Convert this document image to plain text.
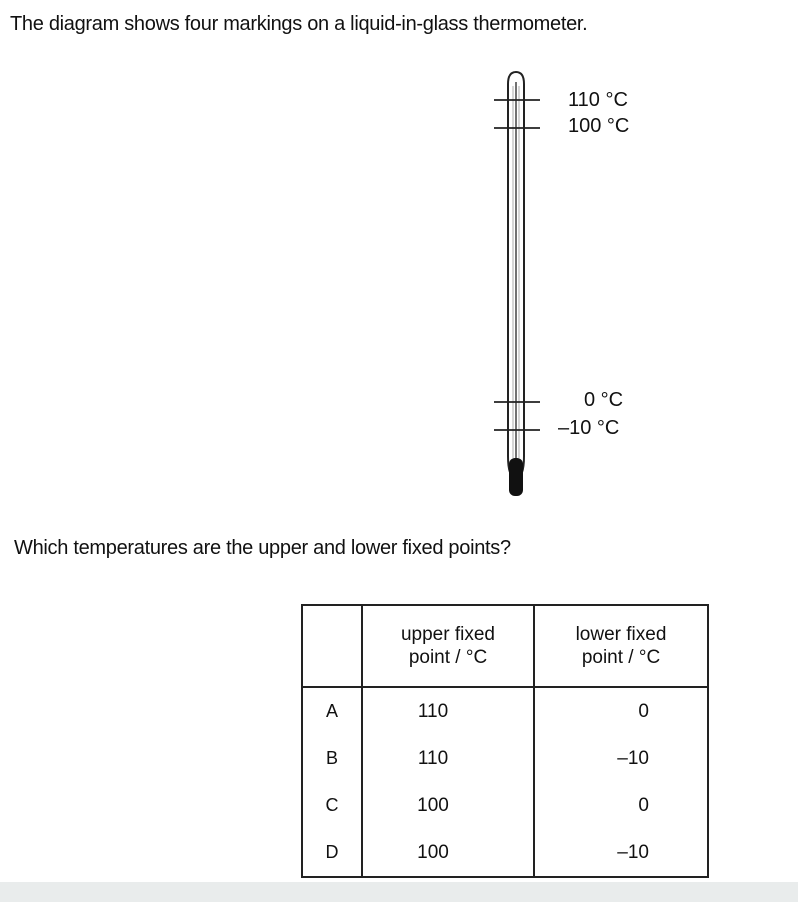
The diagram shows four markings on a liquid-in-glass thermometer.
110 °C
100 °C
0 °C
–10 °C
Which temperatures are the upper and lower fixed points?

	upper fixed
point / °C	lower fixed
point / °C

A	110	0
B	110	–10
C	100	0
D	100	–10
